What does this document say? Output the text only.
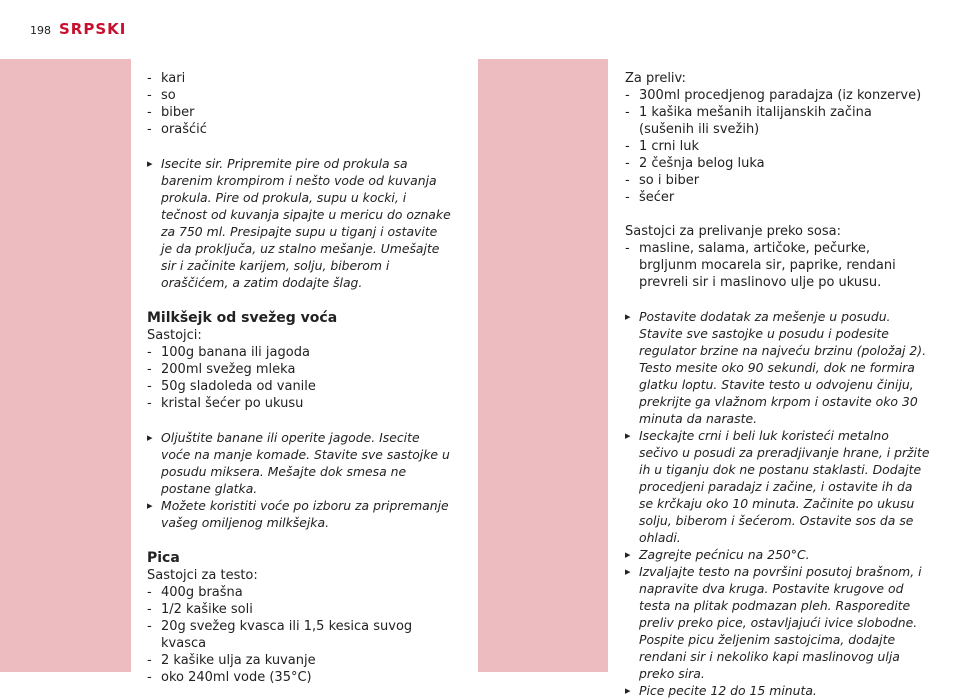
198 SRPSKI
- kari
- so
- biber
- orašćić
▸ Isecite sir. Pripremite pire od prokula sa barenim krompirom i nešto vode od kuvanja prokula. Pire od prokula, supu u kocki, i tečnost od kuvanja sipajte u mericu do oznake za 750 ml. Presipajte supu u tiganj i ostavite je da proključa, uz stalno mešanje. Umešajte sir i začinite karijem, solju, biberom i oraščićem, a zatim dodajte šlag.
Milkšejk od svežeg voća

Sastojci:

- 100g banana ili jagoda
- 200ml svežeg mleka
- 50g sladoleda od vanile
- kristal šećer po ukusu
▸ Oljuštite banane ili operite jagode. Isecite voće na manje komade. Stavite sve sastojke u posudu miksera. Mešajte dok smesa ne postane glatka.
▸ Možete koristiti voće po izboru za pripremanje vašeg omiljenog milkšejka.
Pica

Sastojci za testo:

- 400g brašna
- 1/2 kašike soli
- 20g svežeg kvasca ili 1,5 kesica suvog kvasca
- 2 kašike ulja za kuvanje
- oko 240ml vode (35°C)

Za preliv:

- 300ml procedjenog paradajza (iz konzerve)
- 1 kašika mešanih italijanskih začina (sušenih ili svežih)
- 1 crni luk
- 2 češnja belog luka
- so i biber
- šećer

Sastojci za prelivanje preko sosa:

- masline, salama, artičoke, pečurke, brgljunm mocarela sir, paprike, rendani prevreli sir i maslinovo ulje po ukusu.
▸ Postavite dodatak za mešenje u posudu. Stavite sve sastojke u posudu i podesite regulator brzine na najveću brzinu (položaj 2). Testo mesite oko 90 sekundi, dok ne formira glatku loptu. Stavite testo u odvojenu činiju, prekrijte ga vlažnom krpom i ostavite oko 30 minuta da naraste.
▸ Iseckajte crni i beli luk koristeći metalno sečivo u posudi za preradjivanje hrane, i pržite ih u tiganju dok ne postanu staklasti. Dodajte procedjeni paradajz i začine, i ostavite ih da se krčkaju oko 10 minuta. Začinite po ukusu solju, biberom i šećerom. Ostavite sos da se ohladi.
▸ Zagrejte pećnicu na 250°C.
▸ Izvaljajte testo na površini posutoj brašnom, i napravite dva kruga. Postavite krugove od testa na plitak podmazan pleh. Rasporedite preliv preko pice, ostavljajući ivice slobodne. Pospite picu željenim sastojcima, dodajte rendani sir i nekoliko kapi maslinovog ulja preko sira.
▸ Pice pecite 12 do 15 minuta.
